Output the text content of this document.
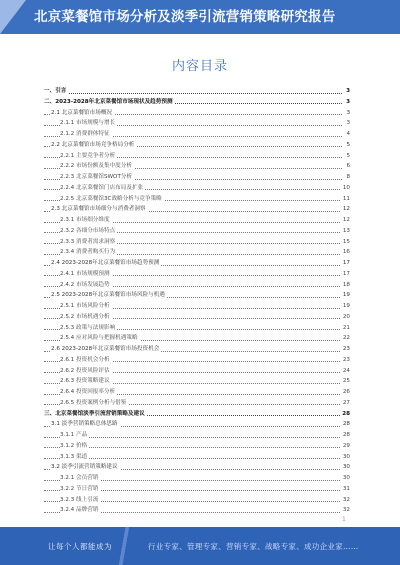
北京菜餐馆市场分析及淡季引流营销策略研究报告
内容目录
一、引言	3
二、2023-2028年北京菜餐馆市场现状及趋势预测	3
2.1 北京菜餐馆市场概况	3
2.1.1 市场规模与增长	3
2.1.2 消费群体特征	4
2.2 北京菜餐馆市场竞争格局分析	5
2.2.1 主要竞争者分析	5
2.2.2 市场份额及集中度分析	6
2.2.3 北京菜餐馆SWOT分析	8
2.2.4 北京菜餐馆门店布局及扩张	10
2.2.5 北京菜餐馆3C战略分析与竞争策略	11
2.3 北京菜餐馆市场细分与消费者洞察	12
2.3.1 市场细分维度	12
2.3.2 各细分市场特点	13
2.3.3 消费者需求洞察	15
2.3.4 消费者购买行为	16
2.4 2023-2028年北京菜餐馆市场趋势预测	17
2.4.1 市场规模预测	17
2.4.2 市场发展趋势	18
2.5 2023-2028年北京菜餐馆市场风险与机遇	19
2.5.1 市场风险分析	19
2.5.2 市场机遇分析	20
2.5.3 政策与法规影响	21
2.5.4 应对风险与把握机遇策略	22
2.6 2023-2028年北京菜餐馆市场投资机会	23
2.6.1 投资机会分析	23
2.6.2 投资风险评估	24
2.6.3 投资策略建议	25
2.6.4 投资回报率分析	26
2.6.5 投资案例分析与借鉴	27
三、北京菜餐馆淡季引流营销策略及建议	28
3.1 淡季营销策略总体思路	28
3.1.1 产品	28
3.1.2 价格	29
3.1.3 渠道	30
3.2 淡季引流营销策略建议	30
3.2.1 会员营销	30
3.2.2 节日营销	31
3.2.3 线上引流	32
3.2.4 品牌营销	32
1
让每个人都能成为	行业专家、管理专家、营销专家、战略专家、成功企业家……
